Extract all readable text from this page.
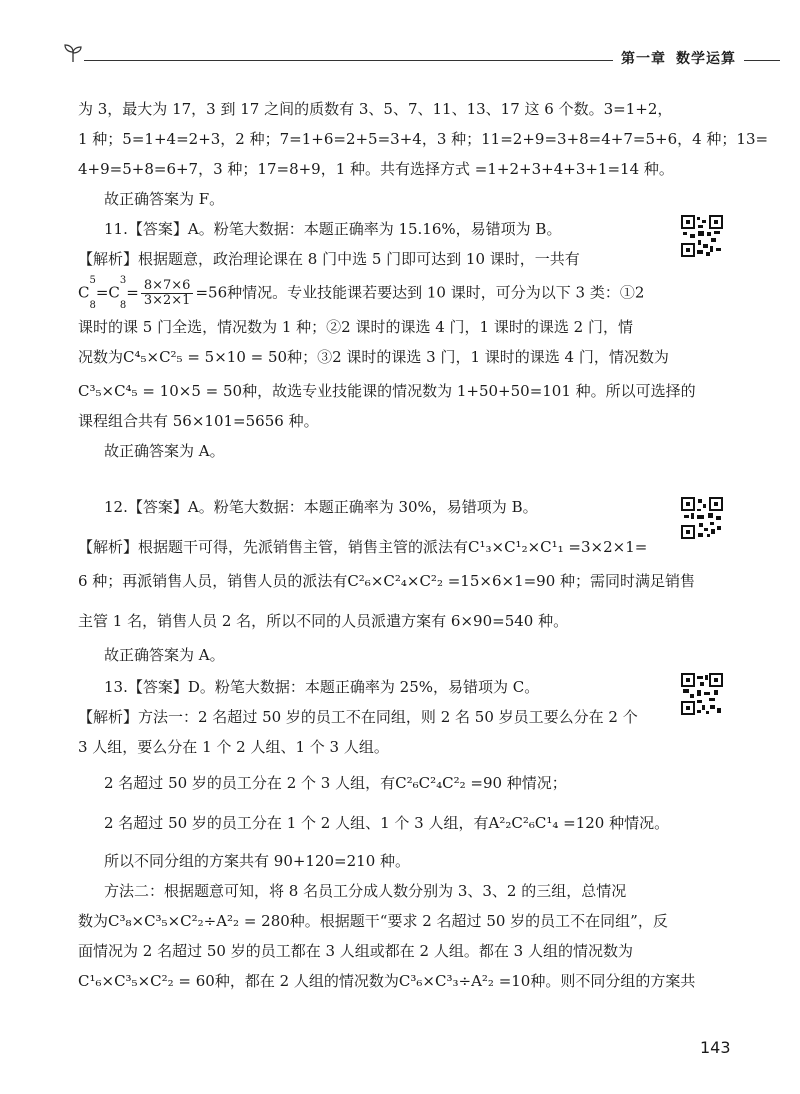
第一章 数学运算
为 3，最大为 17，3 到 17 之间的质数有 3、5、7、11、13、17 这 6 个数。3=1+2，
1 种；5=1+4=2+3，2 种；7=1+6=2+5=3+4，3 种；11=2+9=3+8=4+7=5+6，4 种；13=
4+9=5+8=6+7，3 种；17=8+9，1 种。共有选择方式 =1+2+3+4+3+1=14 种。
故正确答案为 F。
11.【答案】A。粉笔大数据：本题正确率为 15.16%，易错项为 B。
【解析】根据题意，政治理论课在 8 门中选 5 门即可达到 10 课时，一共有
$C^5$
$_8=C^3$
$_8= \frac{8\times 7\times 6}{3\times 2\times 1} =56$种情况。专业技能课若要达到 10 课时，可分为以下 3 类：①2
课时的课 5 门全选，情况数为 1 种；②2 课时的课选 4 门，1 课时的课选 2 门，情
况数为C⁴₅×C²₅ = 5×10 = 50种；③2 课时的课选 3 门，1 课时的课选 4 门，情况数为
C³₅×C⁴₅ = 10×5 = 50种，故选专业技能课的情况数为 1+50+50=101 种。所以可选择的
课程组合共有 56×101=5656 种。
故正确答案为 A。
12.【答案】A。粉笔大数据：本题正确率为 30%，易错项为 B。
【解析】根据题干可得，先派销售主管，销售主管的派法有C¹₃×C¹₂×C¹₁ =3×2×1=
6 种；再派销售人员，销售人员的派法有C²₆×C²₄×C²₂ =15×6×1=90 种；需同时满足销售
主管 1 名，销售人员 2 名，所以不同的人员派遣方案有 6×90=540 种。
故正确答案为 A。
13.【答案】D。粉笔大数据：本题正确率为 25%，易错项为 C。
【解析】方法一：2 名超过 50 岁的员工不在同组，则 2 名 50 岁员工要么分在 2 个
3 人组，要么分在 1 个 2 人组、1 个 3 人组。
2 名超过 50 岁的员工分在 2 个 3 人组，有C²₆C²₄C²₂ =90 种情况；
2 名超过 50 岁的员工分在 1 个 2 人组、1 个 3 人组，有A²₂C²₆C¹₄ =120 种情况。
所以不同分组的方案共有 90+120=210 种。
方法二：根据题意可知，将 8 名员工分成人数分别为 3、3、2 的三组，总情况
数为C³₈×C³₅×C²₂÷A²₂ = 280种。根据题干“要求 2 名超过 50 岁的员工不在同组”，反
面情况为 2 名超过 50 岁的员工都在 3 人组或都在 2 人组。都在 3 人组的情况数为
C¹₆×C³₅×C²₂ = 60种，都在 2 人组的情况数为C³₆×C³₃÷A²₂ =10种。则不同分组的方案共
143
